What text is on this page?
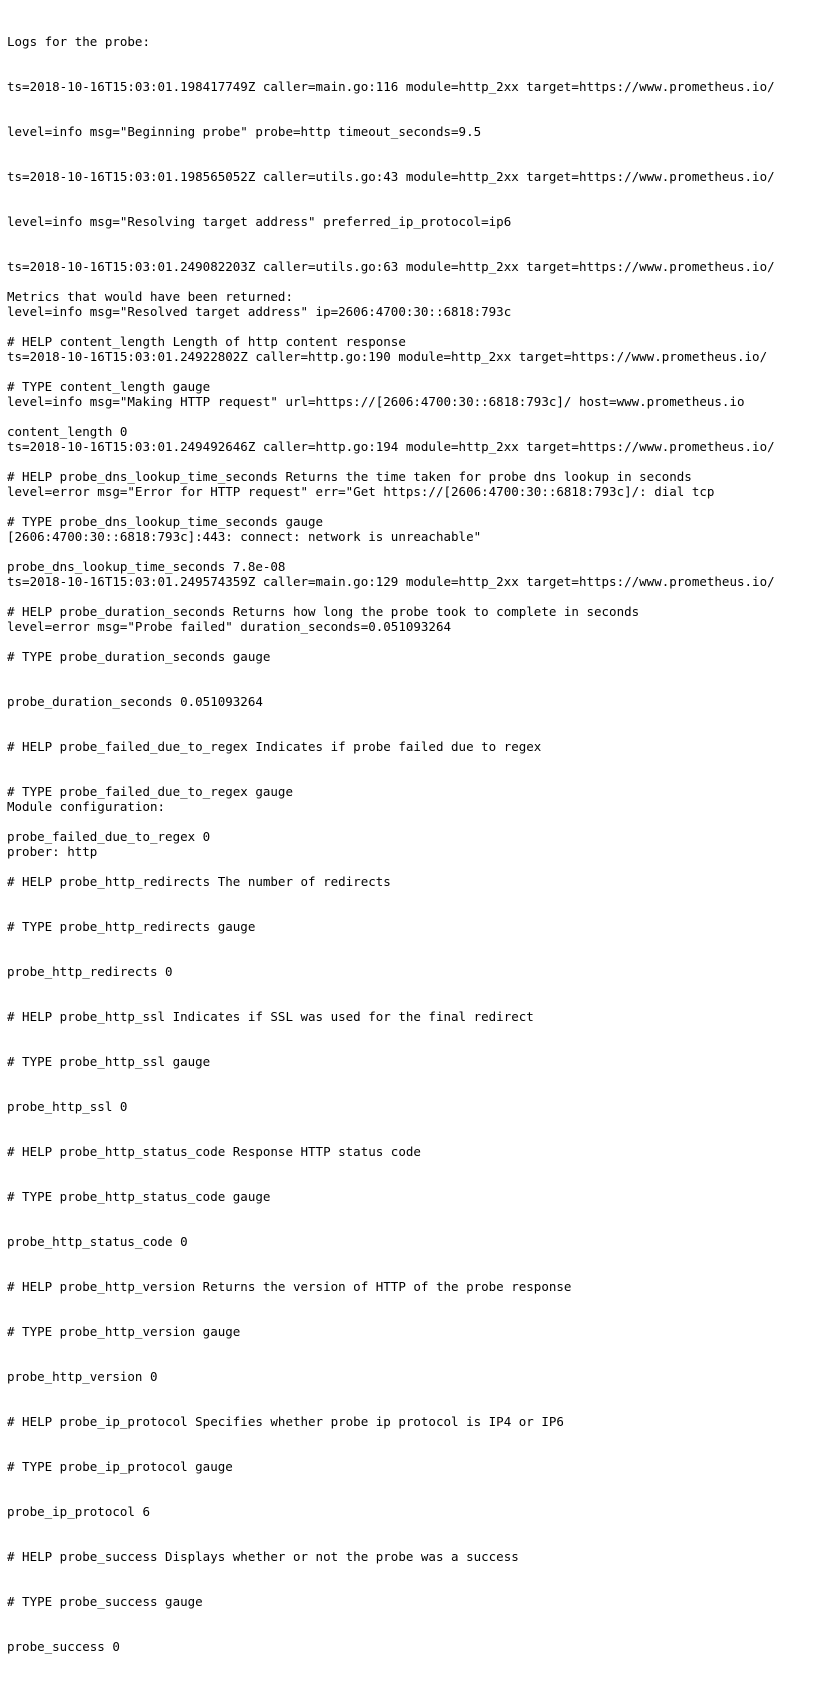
Logs for the probe:

ts=2018-10-16T15:03:01.198417749Z caller=main.go:116 module=http_2xx target=https://www.prometheus.io/

level=info msg="Beginning probe" probe=http timeout_seconds=9.5

ts=2018-10-16T15:03:01.198565052Z caller=utils.go:43 module=http_2xx target=https://www.prometheus.io/

level=info msg="Resolving target address" preferred_ip_protocol=ip6

ts=2018-10-16T15:03:01.249082203Z caller=utils.go:63 module=http_2xx target=https://www.prometheus.io/

level=info msg="Resolved target address" ip=2606:4700:30::6818:793c

ts=2018-10-16T15:03:01.24922802Z caller=http.go:190 module=http_2xx target=https://www.prometheus.io/

level=info msg="Making HTTP request" url=https://[2606:4700:30::6818:793c]/ host=www.prometheus.io

ts=2018-10-16T15:03:01.249492646Z caller=http.go:194 module=http_2xx target=https://www.prometheus.io/

level=error msg="Error for HTTP request" err="Get https://[2606:4700:30::6818:793c]/: dial tcp

[2606:4700:30::6818:793c]:443: connect: network is unreachable"

ts=2018-10-16T15:03:01.249574359Z caller=main.go:129 module=http_2xx target=https://www.prometheus.io/

level=error msg="Probe failed" duration_seconds=0.051093264

Metrics that would have been returned:

# HELP content_length Length of http content response

# TYPE content_length gauge

content_length 0

# HELP probe_dns_lookup_time_seconds Returns the time taken for probe dns lookup in seconds

# TYPE probe_dns_lookup_time_seconds gauge

probe_dns_lookup_time_seconds 7.8e-08

# HELP probe_duration_seconds Returns how long the probe took to complete in seconds

# TYPE probe_duration_seconds gauge

probe_duration_seconds 0.051093264

# HELP probe_failed_due_to_regex Indicates if probe failed due to regex

# TYPE probe_failed_due_to_regex gauge

probe_failed_due_to_regex 0

# HELP probe_http_redirects The number of redirects

# TYPE probe_http_redirects gauge

probe_http_redirects 0

# HELP probe_http_ssl Indicates if SSL was used for the final redirect

# TYPE probe_http_ssl gauge

probe_http_ssl 0

# HELP probe_http_status_code Response HTTP status code

# TYPE probe_http_status_code gauge

probe_http_status_code 0

# HELP probe_http_version Returns the version of HTTP of the probe response

# TYPE probe_http_version gauge

probe_http_version 0

# HELP probe_ip_protocol Specifies whether probe ip protocol is IP4 or IP6

# TYPE probe_ip_protocol gauge

probe_ip_protocol 6

# HELP probe_success Displays whether or not the probe was a success

# TYPE probe_success gauge

probe_success 0

Module configuration:

prober: http
